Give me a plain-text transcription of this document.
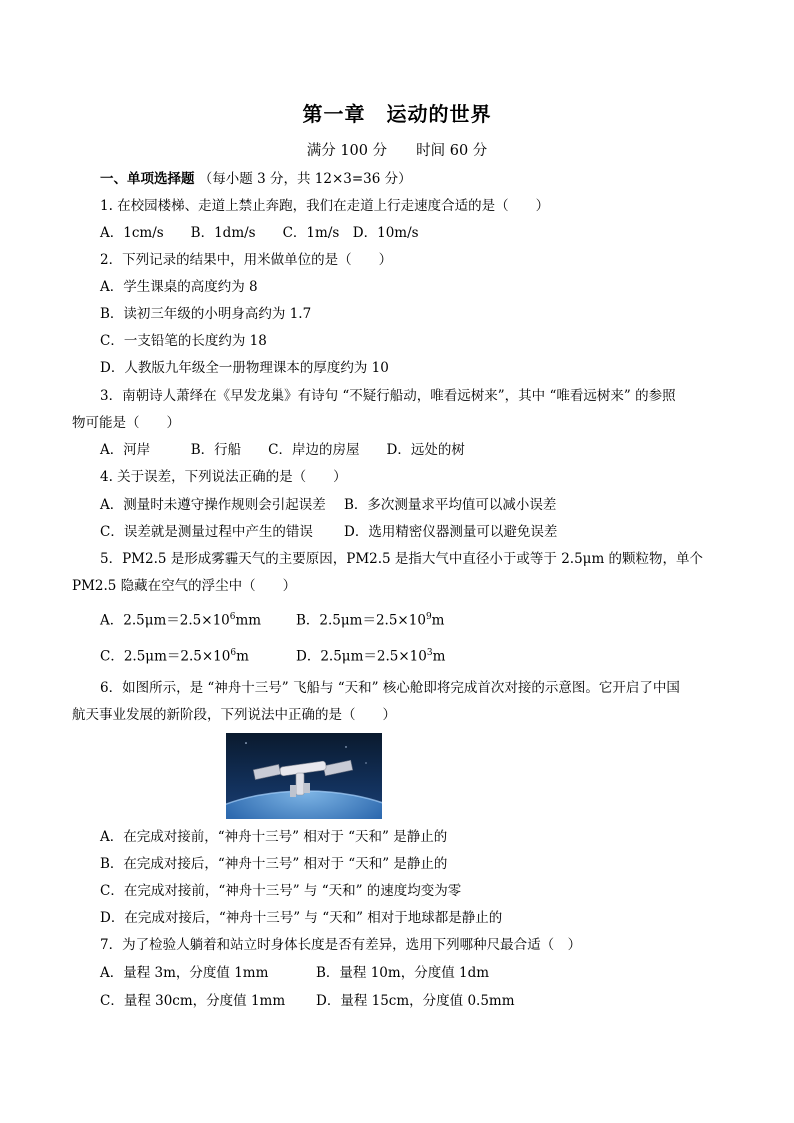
第一章　运动的世界
满分 100 分　　时间 60 分
一、单项选择题 （每小题 3 分，共 12×3=36 分）
1. 在校园楼梯、走道上禁止奔跑，我们在走道上行走速度合适的是（　　）
A．1cm/s　　B．1dm/s　　C．1m/s　D．10m/s
2．下列记录的结果中，用米做单位的是（　　）
A．学生课桌的高度约为 8
B．读初三年级的小明身高约为 1.7
C．一支铅笔的长度约为 18
D．人教版九年级全一册物理课本的厚度约为 10
3．南朝诗人萧绎在《早发龙巢》有诗句 “不疑行船动，唯看远树来”，其中 “唯看远树来” 的参照
物可能是（　　）
A．河岸　　　B．行船　　C．岸边的房屋　　D．远处的树
4. 关于误差，下列说法正确的是（　　）
A．测量时未遵守操作规则会引起误差 B．多次测量求平均值可以减小误差
C．误差就是测量过程中产生的错误 D．选用精密仪器测量可以避免误差
5．PM2.5 是形成雾霾天气的主要原因，PM2.5 是指大气中直径小于或等于 2.5μm 的颗粒物，单个
PM2.5 隐藏在空气的浮尘中（　　）
A．$2.5\mu m=2.5\times 10^6mm$	B．$2.5\mu m=2.5\times 10^9m$
C．$2.5\mu m=2.5\times 10^6m$	D．$2.5\mu m=2.5\times 10^3m$
6．如图所示，是 “神舟十三号” 飞船与 “天和” 核心舱即将完成首次对接的示意图。它开启了中国
航天事业发展的新阶段，下列说法中正确的是（　　）
A．在完成对接前，“神舟十三号” 相对于 “天和” 是静止的
B．在完成对接后，“神舟十三号” 相对于 “天和” 是静止的
C．在完成对接前，“神舟十三号” 与 “天和” 的速度均变为零
D．在完成对接后，“神舟十三号” 与 “天和” 相对于地球都是静止的
7．为了检验人躺着和站立时身体长度是否有差异，选用下列哪种尺最合适（　）
A．量程 3m，分度值 1mm	B．量程 10m，分度值 1dm
C．量程 30cm，分度值 1mm D．量程 15cm，分度值 0.5mm
